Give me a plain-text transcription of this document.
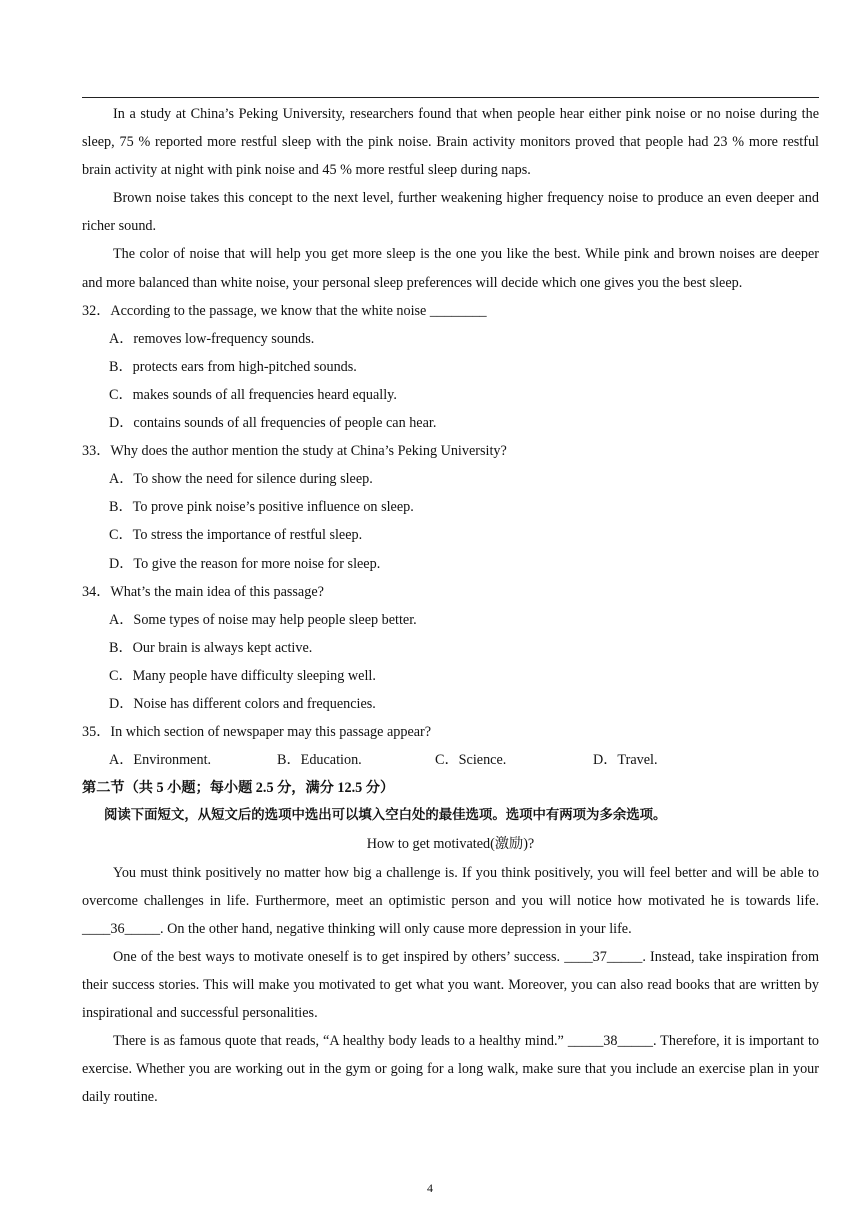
In a study at China’s Peking University, researchers found that when people hear either pink noise or no noise during the sleep, 75 % reported more restful sleep with the pink noise. Brain activity monitors proved that people had 23 % more restful brain activity at night with pink noise and 45 % more restful sleep during naps.

Brown noise takes this concept to the next level, further weakening higher frequency noise to produce an even deeper and richer sound.

The color of noise that will help you get more sleep is the one you like the best. While pink and brown noises are deeper and more balanced than white noise, your personal sleep preferences will decide which one gives you the best sleep.

32．According to the passage, we know that the white noise ________

A．removes low-frequency sounds.

B．protects ears from high-pitched sounds.

C．makes sounds of all frequencies heard equally.

D．contains sounds of all frequencies of people can hear.

33．Why does the author mention the study at China’s Peking University?

A．To show the need for silence during sleep.

B．To prove pink noise’s positive influence on sleep.

C．To stress the importance of restful sleep.

D．To give the reason for more noise for sleep.

34．What’s the main idea of this passage?

A．Some types of noise may help people sleep better.

B．Our brain is always kept active.

C．Many people have difficulty sleeping well.

D．Noise has different colors and frequencies.

35．In which section of newspaper may this passage appear?

A．Environment.	B．Education.	C．Science.	D．Travel.

第二节（共 5 小题；每小题 2.5 分，满分 12.5 分）

阅读下面短文，从短文后的选项中选出可以填入空白处的最佳选项。选项中有两项为多余选项。

How to get motivated(激励)?

You must think positively no matter how big a challenge is. If you think positively, you will feel better and will be able to overcome challenges in life. Furthermore, meet an optimistic person and you will notice how motivated he is towards life. ____36_____. On the other hand, negative thinking will only cause more depression in your life.

One of the best ways to motivate oneself is to get inspired by others’ success. ____37_____. Instead, take inspiration from their success stories. This will make you motivated to get what you want. Moreover, you can also read books that are written by inspirational and successful personalities.

There is as famous quote that reads, “A healthy body leads to a healthy mind.” _____38_____. Therefore, it is important to exercise. Whether you are working out in the gym or going for a long walk, make sure that you include an exercise plan in your daily routine.

4
